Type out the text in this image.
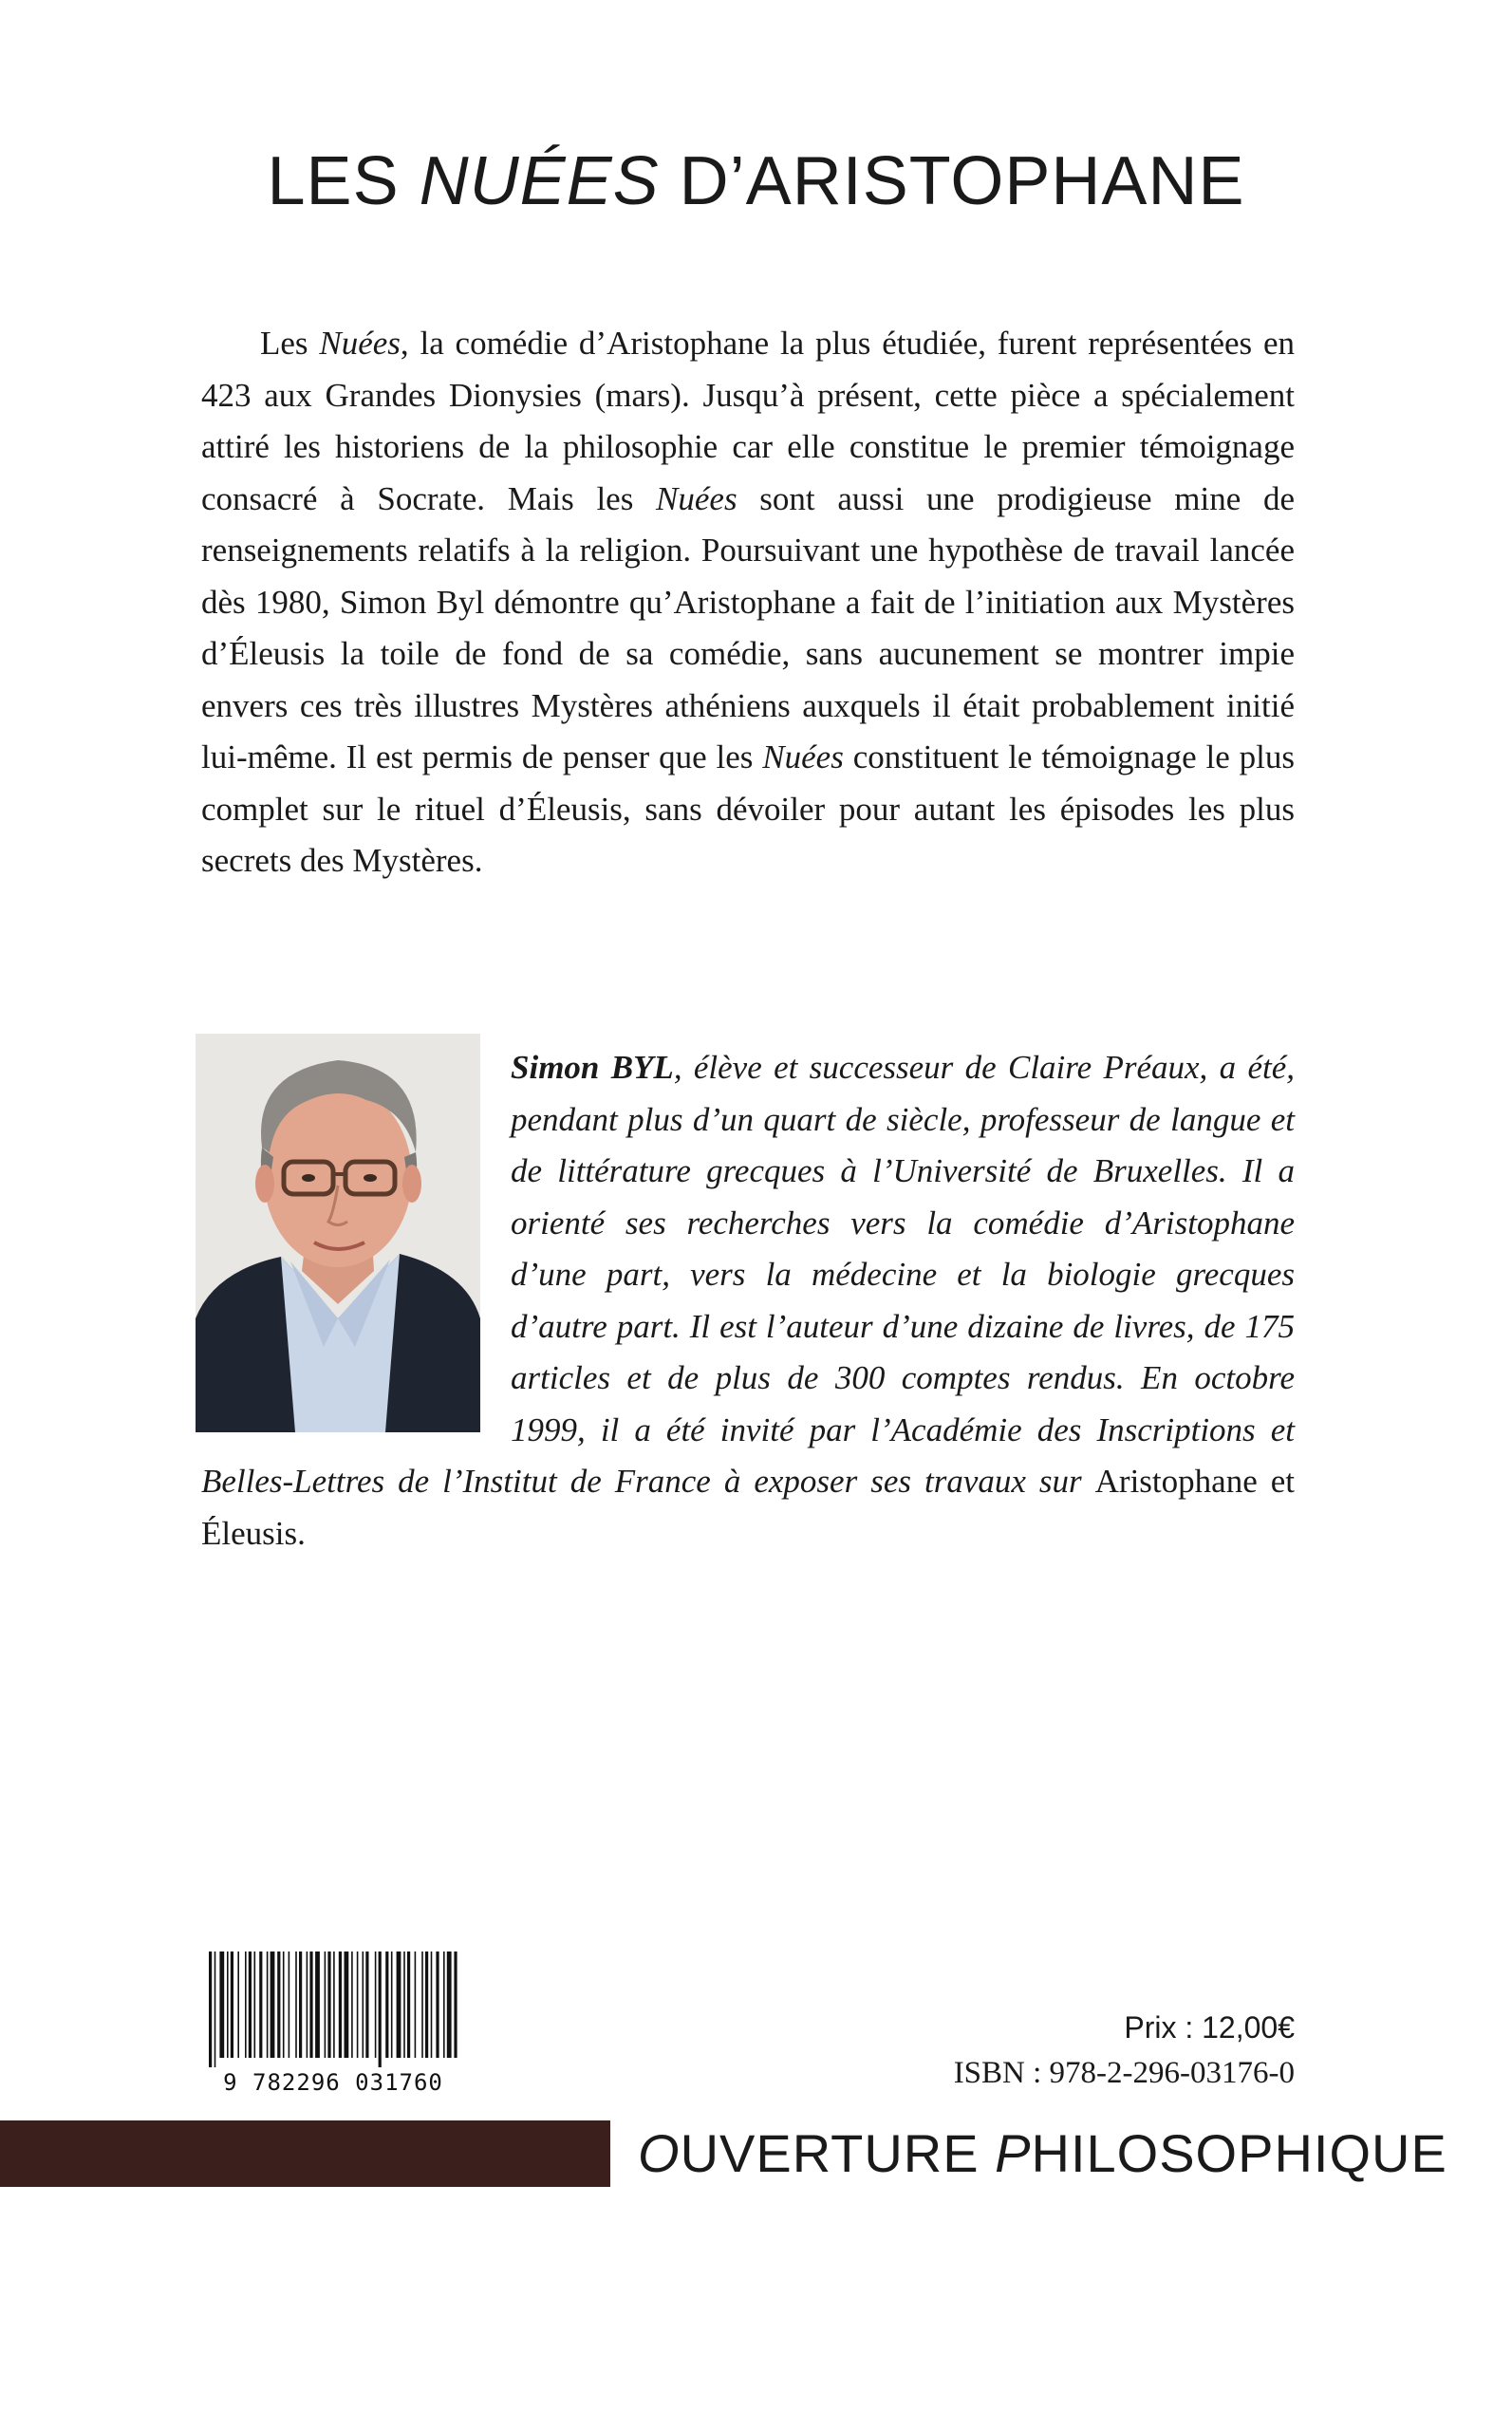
LES NUÉES D’ARISTOPHANE

Les Nuées, la comédie d’Aristophane la plus étudiée, furent représentées en 423 aux Grandes Dionysies (mars). Jusqu’à présent, cette pièce a spécialement attiré les historiens de la philosophie car elle constitue le premier témoignage consacré à Socrate. Mais les Nuées sont aussi une prodigieuse mine de renseignements relatifs à la religion. Poursuivant une hypothèse de travail lancée dès 1980, Simon Byl démontre qu’Aristophane a fait de l’initiation aux Mystères d’Éleusis la toile de fond de sa comédie, sans aucunement se montrer impie envers ces très illustres Mystères athéniens auxquels il était probablement initié lui-même. Il est permis de penser que les Nuées constituent le témoignage le plus complet sur le rituel d’Éleusis, sans dévoiler pour autant les épisodes les plus secrets des Mystères.

Simon BYL, élève et successeur de Claire Préaux, a été, pendant plus d’un quart de siècle, professeur de langue et de littérature grecques à l’Université de Bruxelles. Il a orienté ses recherches vers la comédie d’Aristophane d’une part, vers la médecine et la biologie grecques d’autre part. Il est l’auteur d’une dizaine de livres, de 175 articles et de plus de 300 comptes rendus. En octobre 1999, il a été invité par l’Académie des Inscriptions et Belles-Lettres de l’Institut de France à exposer ses travaux sur Aristophane et Éleusis.
9 782296 031760
Prix : 12,00€
ISBN : 978-2-296-03176-0
OUVERTURE PHILOSOPHIQUE
